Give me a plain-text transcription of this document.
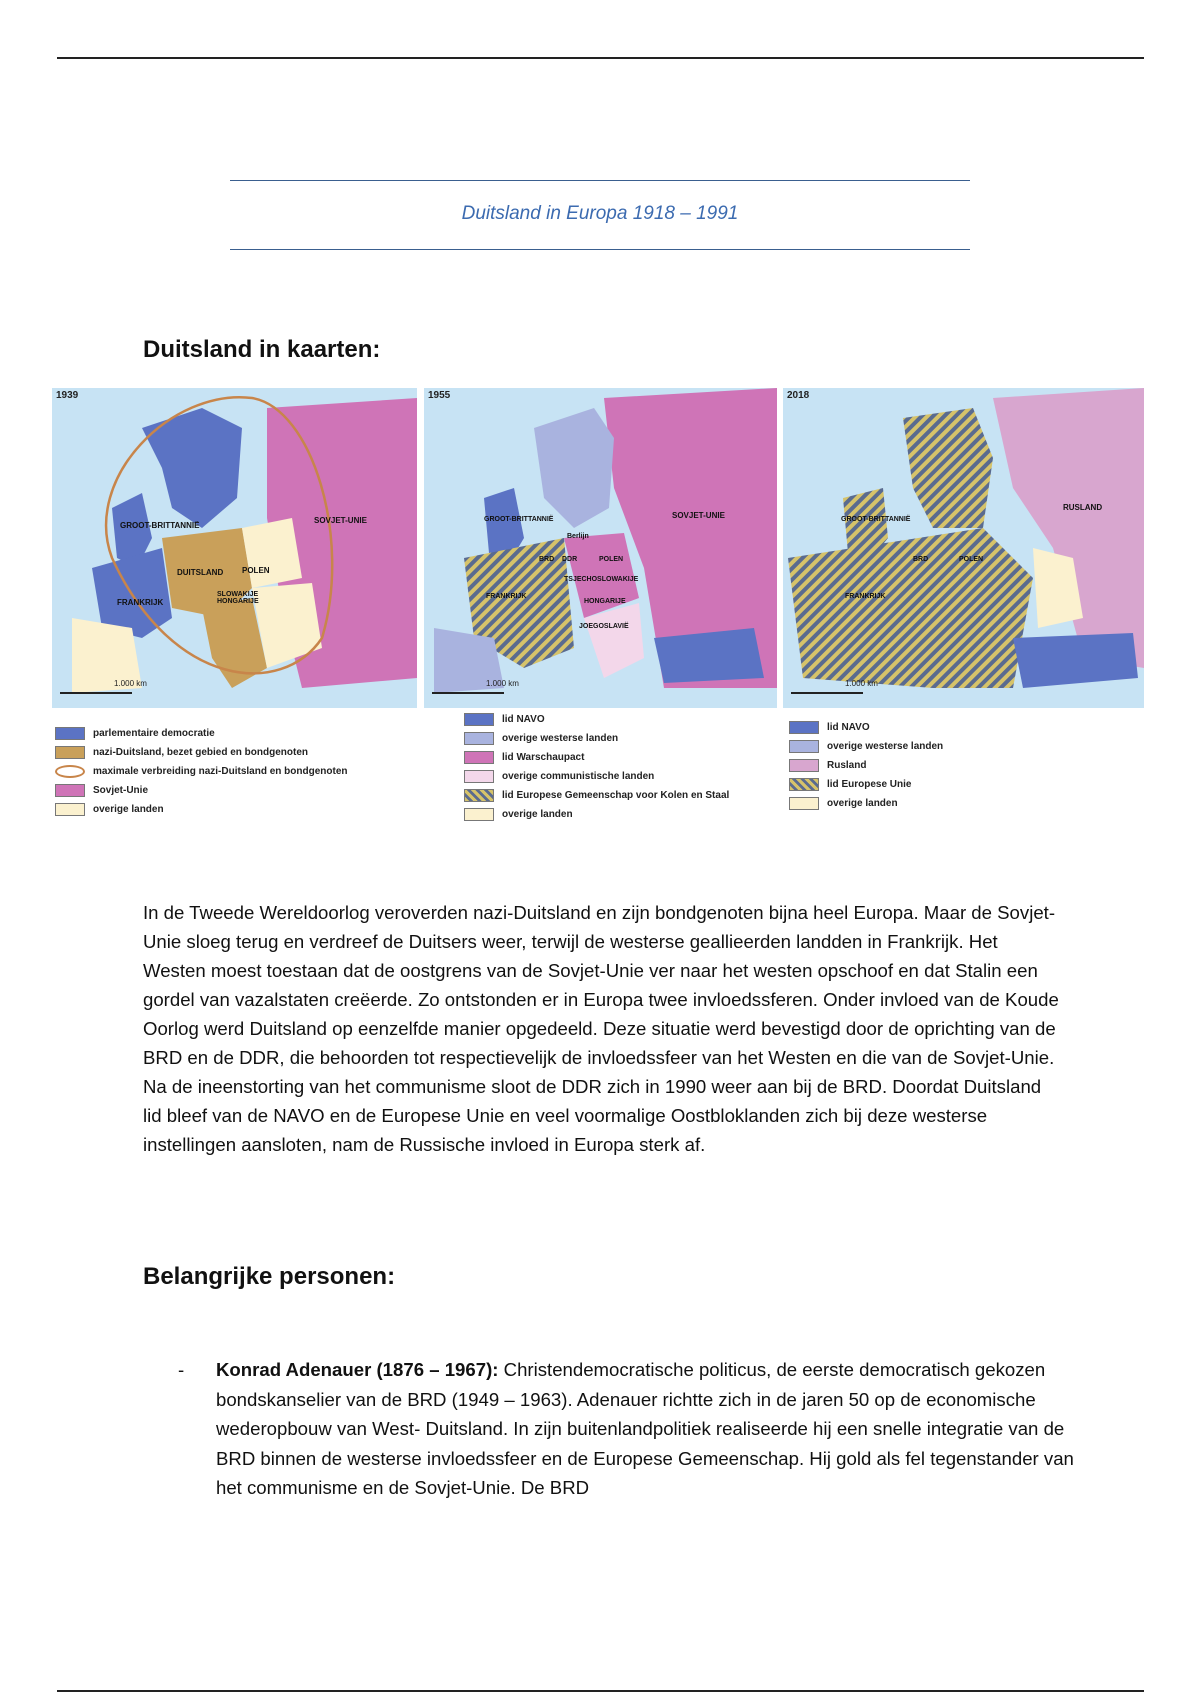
Duitsland in Europa 1918 – 1991
Duitsland in kaarten:
1939
1.000 km
GROOT-BRITTANNIË
DUITSLAND POLEN
FRANKRIJK
SLOWAKIJE HONGARIJE
SOVJET-UNIE
1955
1.000 km
GROOT-BRITTANNIË
Berlijn
BRD DDR	POLEN
TSJECHOSLOWAKIJE
FRANKRIJK
HONGARIJE
JOEGOSLAVIË
SOVJET-UNIE
2018
1.000 km
GROOT-BRITTANNIË
BRD	POLEN
FRANKRIJK
RUSLAND
parlementaire democratie
nazi-Duitsland, bezet gebied en bondgenoten
maximale verbreiding nazi-Duitsland en bondgenoten
Sovjet-Unie
overige landen
lid NAVO
overige westerse landen
lid Warschaupact
overige communistische landen
lid Europese Gemeenschap voor Kolen en Staal
overige landen
lid NAVO
overige westerse landen
Rusland
lid Europese Unie
overige landen

In de Tweede Wereldoorlog veroverden nazi-Duitsland en zijn bondgenoten bijna heel Europa. Maar de Sovjet-Unie sloeg terug en verdreef de Duitsers weer, terwijl de westerse geallieerden landden in Frankrijk. Het Westen moest toestaan dat de oostgrens van de Sovjet-Unie ver naar het westen opschoof en dat Stalin een gordel van vazalstaten creëerde. Zo ontstonden er in Europa twee invloedssferen. Onder invloed van de Koude Oorlog werd Duitsland op eenzelfde manier opgedeeld. Deze situatie werd bevestigd door de oprichting van de BRD en de DDR, die behoorden tot respectievelijk de invloedssfeer van het Westen en die van de Sovjet-Unie. Na de ineenstorting van het communisme sloot de DDR zich in 1990 weer aan bij de BRD. Doordat Duitsland lid bleef van de NAVO en de Europese Unie en veel voormalige Oostbloklanden zich bij deze westerse instellingen aansloten, nam de Russische invloed in Europa sterk af.

Belangrijke personen:
- Konrad Adenauer (1876 – 1967): Christendemocratische politicus, de eerste democratisch gekozen bondskanselier van de BRD (1949 – 1963). Adenauer richtte zich in de jaren 50 op de economische wederopbouw van West- Duitsland. In zijn buitenlandpolitiek realiseerde hij een snelle integratie van de BRD binnen de westerse invloedssfeer en de Europese Gemeenschap. Hij gold als fel tegenstander van het communisme en de Sovjet-Unie. De BRD
